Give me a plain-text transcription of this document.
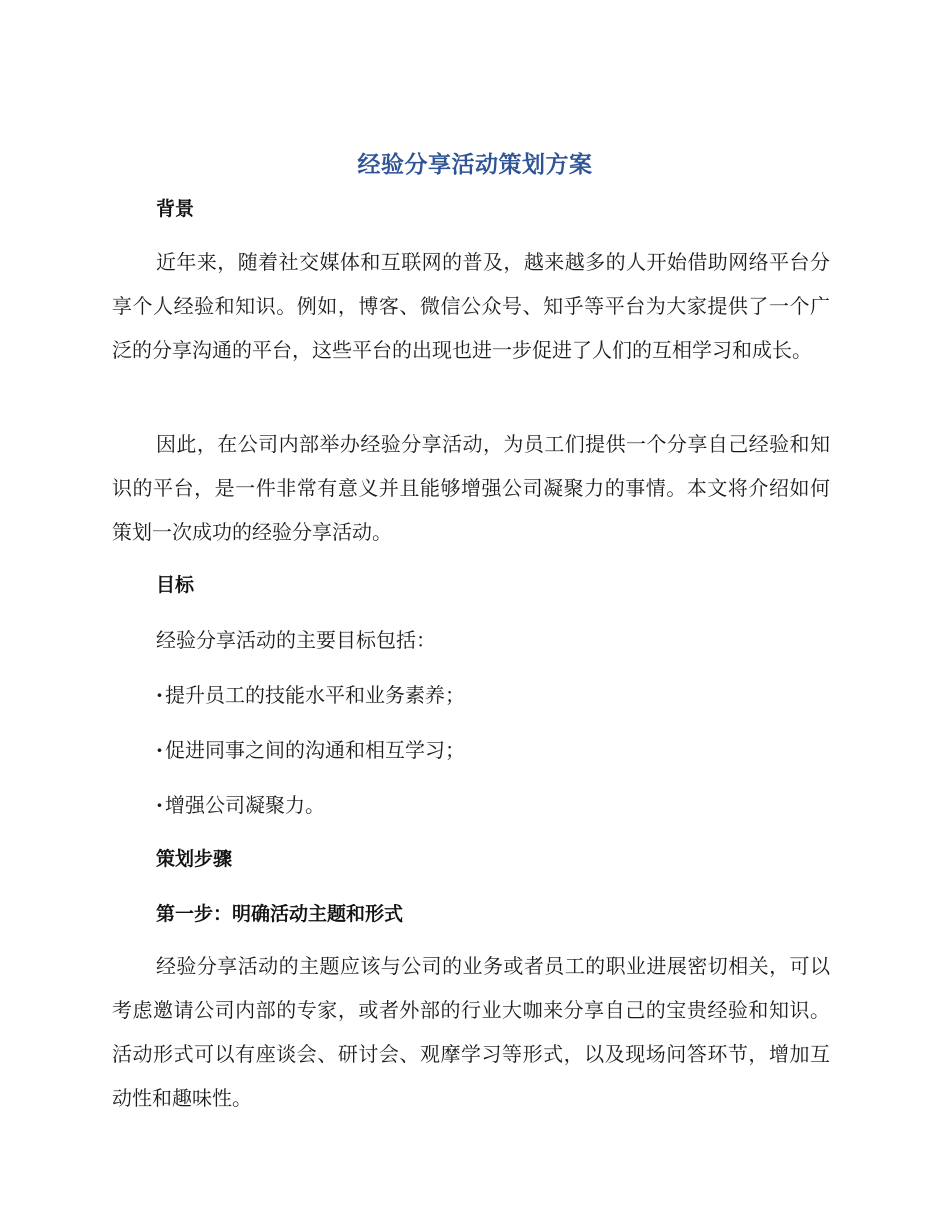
经验分享活动策划方案
背景

近年来，随着社交媒体和互联网的普及，越来越多的人开始借助网络平台分享个人经验和知识。例如，博客、微信公众号、知乎等平台为大家提供了一个广泛的分享沟通的平台，这些平台的出现也进一步促进了人们的互相学习和成长。

因此，在公司内部举办经验分享活动，为员工们提供一个分享自己经验和知识的平台，是一件非常有意义并且能够增强公司凝聚力的事情。本文将介绍如何策划一次成功的经验分享活动。

目标
经验分享活动的主要目标包括：
· 提升员工的技能水平和业务素养；
· 促进同事之间的沟通和相互学习；
· 增强公司凝聚力。
策划步骤
第一步：明确活动主题和形式

经验分享活动的主题应该与公司的业务或者员工的职业进展密切相关，可以考虑邀请公司内部的专家，或者外部的行业大咖来分享自己的宝贵经验和知识。活动形式可以有座谈会、研讨会、观摩学习等形式，以及现场问答环节，增加互动性和趣味性。
